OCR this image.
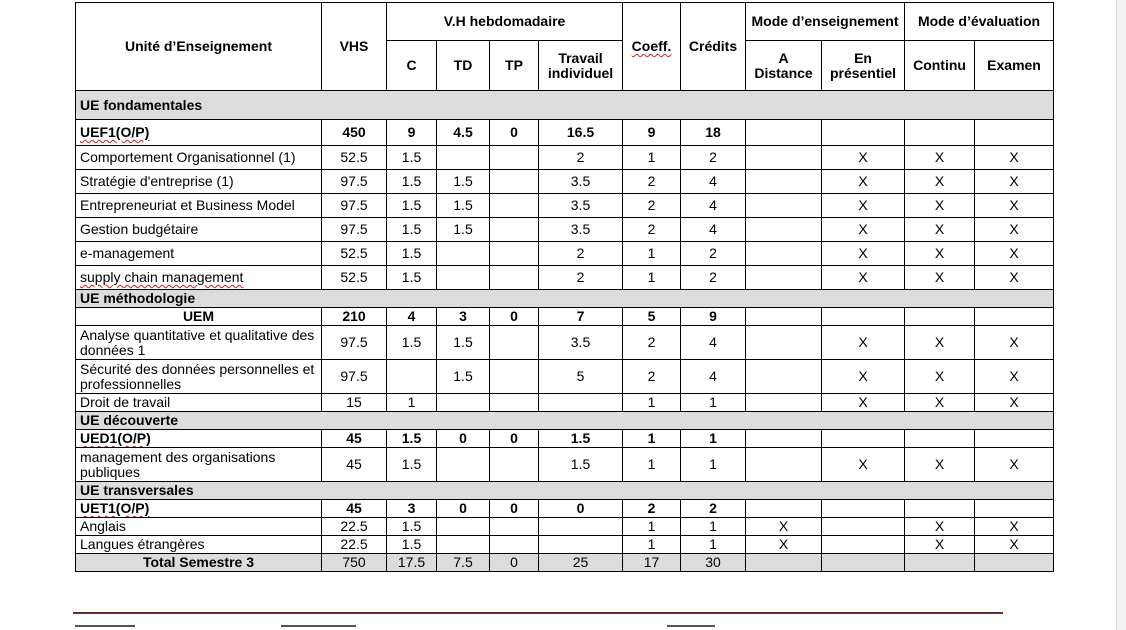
Unité d’Enseignement	VHS	V.H hebdomadaire				Coeff.	Crédits	Mode d’enseignement		Mode d’évaluation	
		C	TD	TP	Travail individuel			A Distance	En présentiel	Continu	Examen
UE fondamentales											
UEF1(O/P)	450	9	4.5	0	16.5	9	18				
Comportement Organisationnel (1)	52.5	1.5			2	1	2		X	X	X
Stratégie d'entreprise (1)	97.5	1.5	1.5		3.5	2	4		X	X	X
Entrepreneuriat et Business Model	97.5	1.5	1.5		3.5	2	4		X	X	X
Gestion budgétaire	97.5	1.5	1.5		3.5	2	4		X	X	X
e-management	52.5	1.5			2	1	2		X	X	X
supply chain management	52.5	1.5			2	1	2		X	X	X
UE méthodologie											
UEM	210	4	3	0	7	5	9				
Analyse quantitative et qualitative des données 1	97.5	1.5	1.5		3.5	2	4		X	X	X
Sécurité des données personnelles et professionnelles	97.5		1.5		5	2	4		X	X	X
Droit de travail	15	1				1	1		X	X	X
UE découverte											
UED1(O/P)	45	1.5	0	0	1.5	1	1				
management des organisations publiques	45	1.5			1.5	1	1		X	X	X
UE transversales											
UET1(O/P)	45	3	0	0	0	2	2				
Anglais	22.5	1.5				1	1	X		X	X
Langues étrangères	22.5	1.5				1	1	X		X	X
Total Semestre 3	750	17.5	7.5	0	25	17	30				
